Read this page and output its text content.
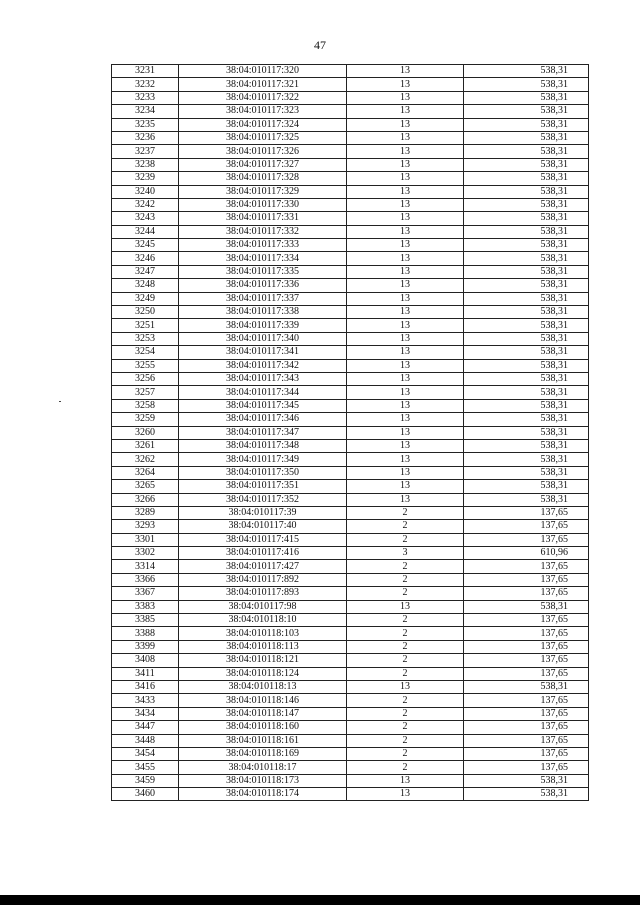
47
3231	38:04:010117:320	13	538,31
3232	38:04:010117:321	13	538,31
3233	38:04:010117:322	13	538,31
3234	38:04:010117:323	13	538,31
3235	38:04:010117:324	13	538,31
3236	38:04:010117:325	13	538,31
3237	38:04:010117:326	13	538,31
3238	38:04:010117:327	13	538,31
3239	38:04:010117:328	13	538,31
3240	38:04:010117:329	13	538,31
3242	38:04:010117:330	13	538,31
3243	38:04:010117:331	13	538,31
3244	38:04:010117:332	13	538,31
3245	38:04:010117:333	13	538,31
3246	38:04:010117:334	13	538,31
3247	38:04:010117:335	13	538,31
3248	38:04:010117:336	13	538,31
3249	38:04:010117:337	13	538,31
3250	38:04:010117:338	13	538,31
3251	38:04:010117:339	13	538,31
3253	38:04:010117:340	13	538,31
3254	38:04:010117:341	13	538,31
3255	38:04:010117:342	13	538,31
3256	38:04:010117:343	13	538,31
3257	38:04:010117:344	13	538,31
3258	38:04:010117:345	13	538,31
3259	38:04:010117:346	13	538,31
3260	38:04:010117:347	13	538,31
3261	38:04:010117:348	13	538,31
3262	38:04:010117:349	13	538,31
3264	38:04:010117:350	13	538,31
3265	38:04:010117:351	13	538,31
3266	38:04:010117:352	13	538,31
3289	38:04:010117:39	2	137,65
3293	38:04:010117:40	2	137,65
3301	38:04:010117:415	2	137,65
3302	38:04:010117:416	3	610,96
3314	38:04:010117:427	2	137,65
3366	38:04:010117:892	2	137,65
3367	38:04:010117:893	2	137,65
3383	38:04:010117:98	13	538,31
3385	38:04:010118:10	2	137,65
3388	38:04:010118:103	2	137,65
3399	38:04:010118:113	2	137,65
3408	38:04:010118:121	2	137,65
3411	38:04:010118:124	2	137,65
3416	38:04:010118:13	13	538,31
3433	38:04:010118:146	2	137,65
3434	38:04:010118:147	2	137,65
3447	38:04:010118:160	2	137,65
3448	38:04:010118:161	2	137,65
3454	38:04:010118:169	2	137,65
3455	38:04:010118:17	2	137,65
3459	38:04:010118:173	13	538,31
3460	38:04:010118:174	13	538,31
